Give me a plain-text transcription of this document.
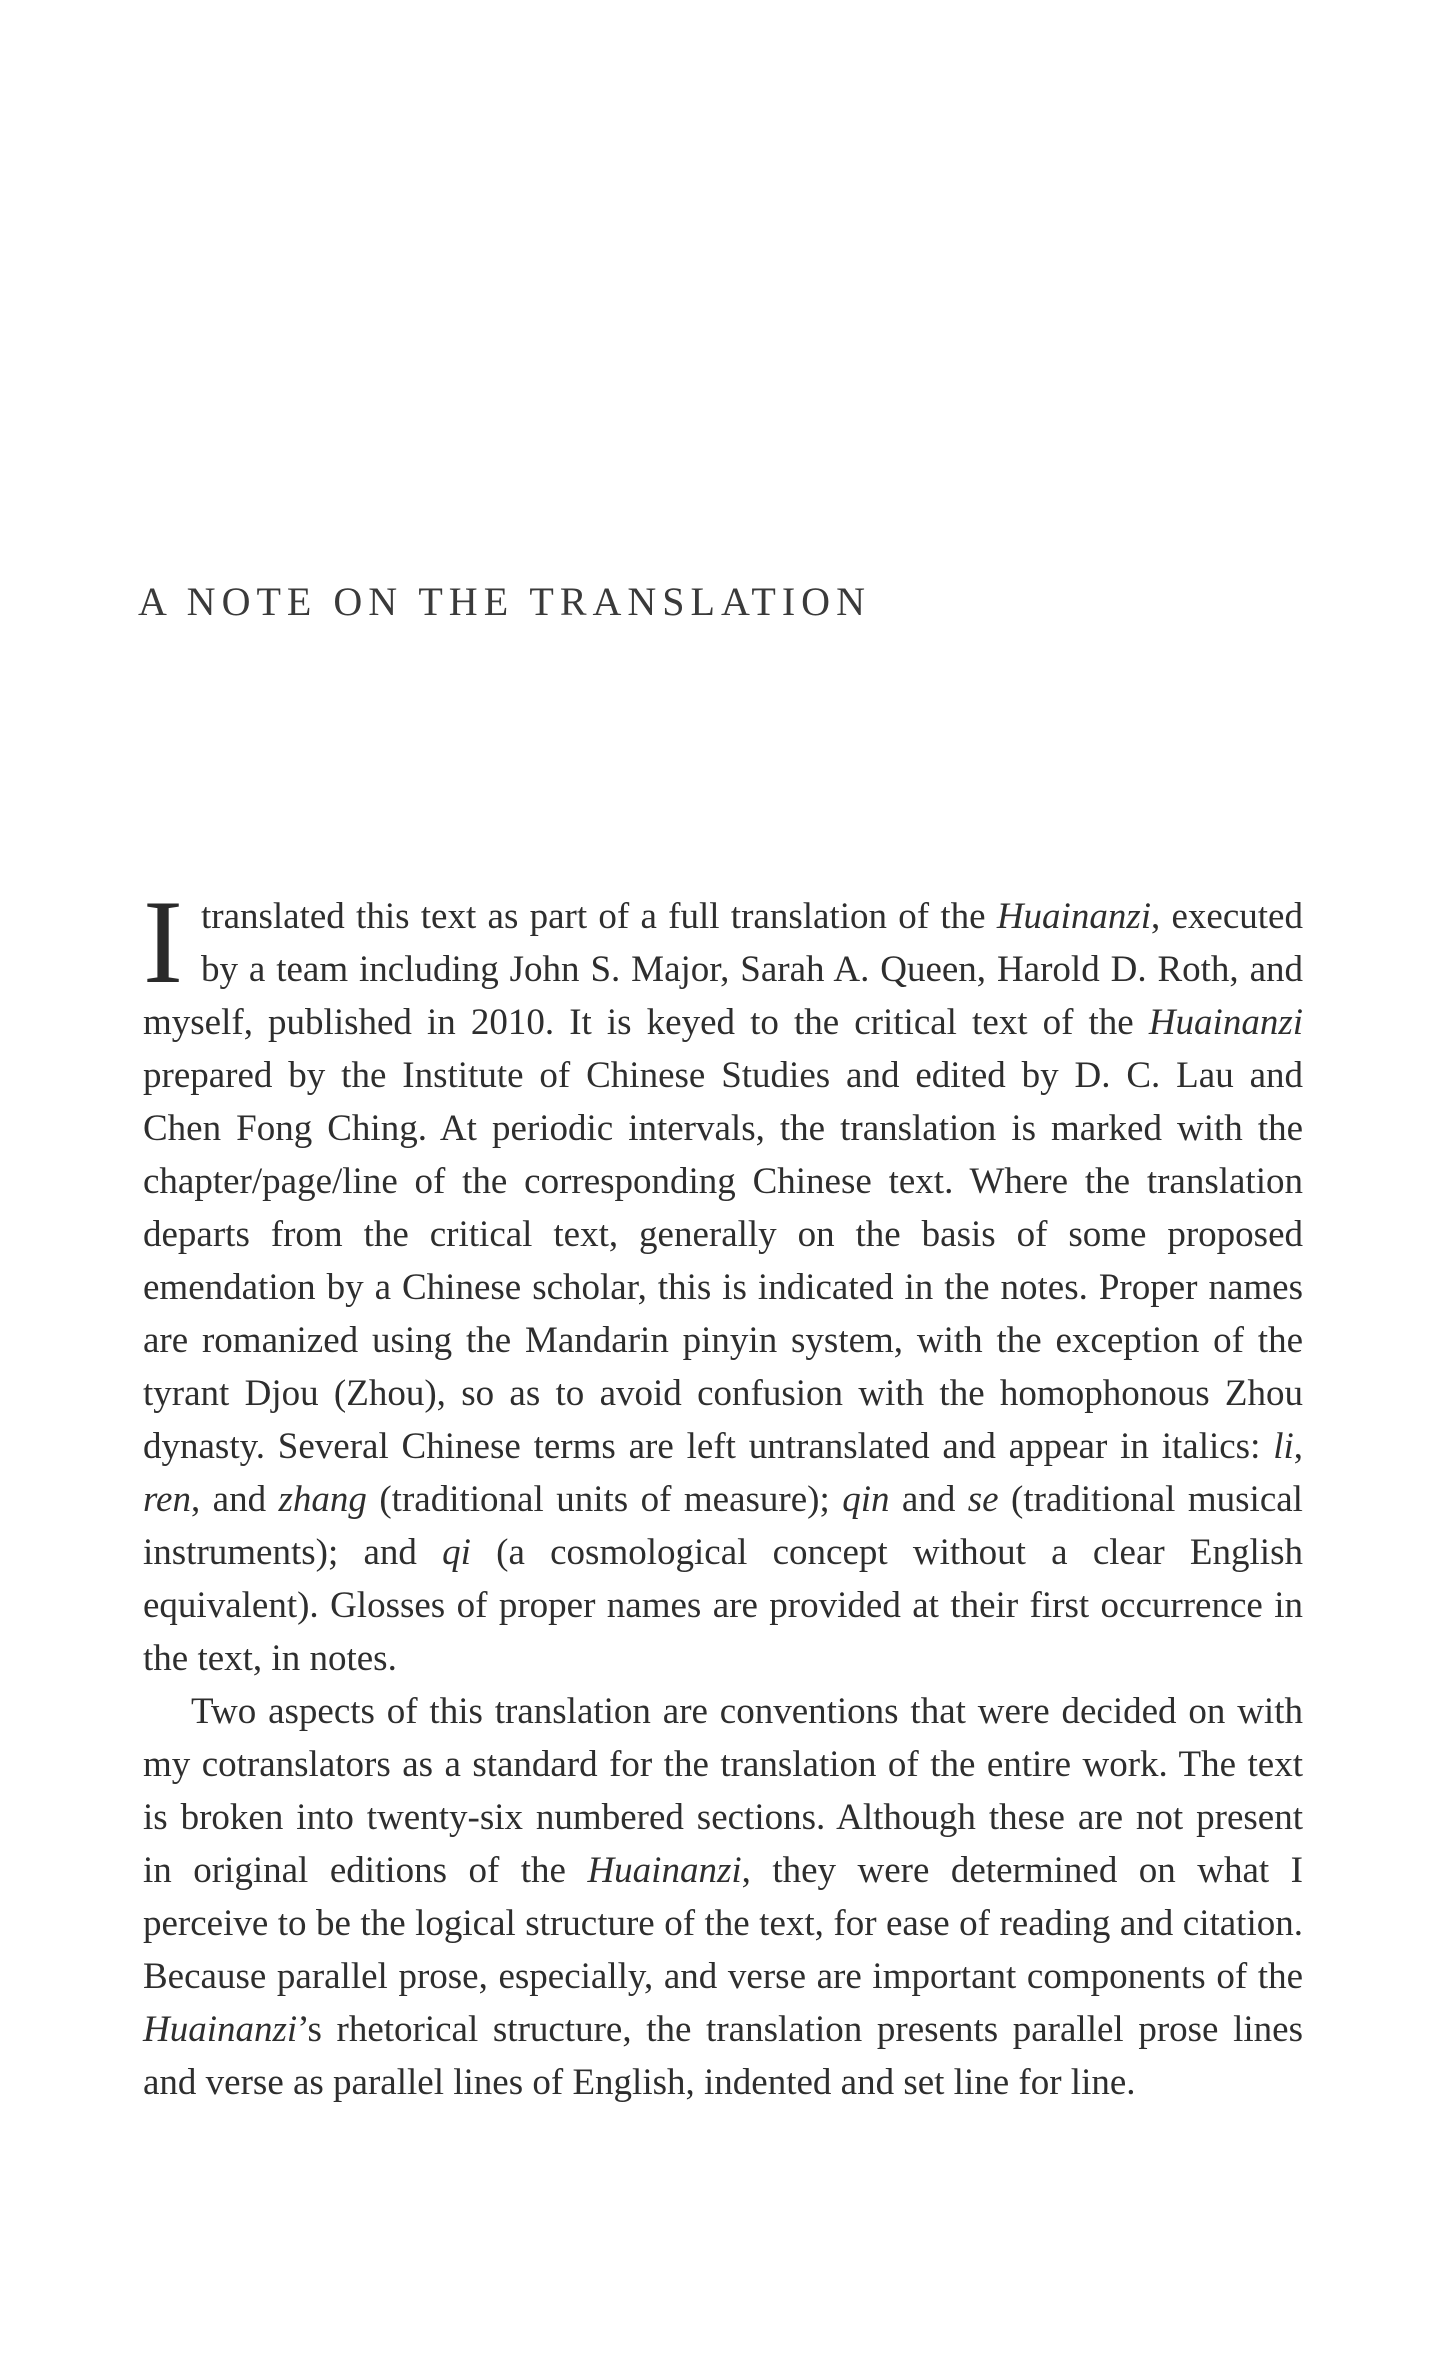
A NOTE ON THE TRANSLATION

I translated this text as part of a full translation of the Huainanzi, executed by a team including John S. Major, Sarah A. Queen, Harold D. Roth, and myself, published in 2010. It is keyed to the critical text of the Huainanzi prepared by the Institute of Chinese Studies and edited by D. C. Lau and Chen Fong Ching. At periodic intervals, the translation is marked with the chapter/page/line of the corresponding Chinese text. Where the translation departs from the critical text, generally on the basis of some proposed emendation by a Chinese scholar, this is indicated in the notes. Proper names are romanized using the Mandarin pinyin system, with the exception of the tyrant Djou (Zhou), so as to avoid confusion with the homophonous Zhou dynasty. Several Chinese terms are left untranslated and appear in italics: li, ren, and zhang (traditional units of measure); qin and se (traditional musical instruments); and qi (a cosmological concept without a clear English equivalent). Glosses of proper names are provided at their first occurrence in the text, in notes.

Two aspects of this translation are conventions that were decided on with my cotranslators as a standard for the translation of the entire work. The text is broken into twenty-six numbered sections. Although these are not present in original editions of the Huainanzi, they were determined on what I perceive to be the logical structure of the text, for ease of reading and citation. Because parallel prose, especially, and verse are important components of the Huainanzi’s rhetorical structure, the translation presents parallel prose lines and verse as parallel lines of English, indented and set line for line.
